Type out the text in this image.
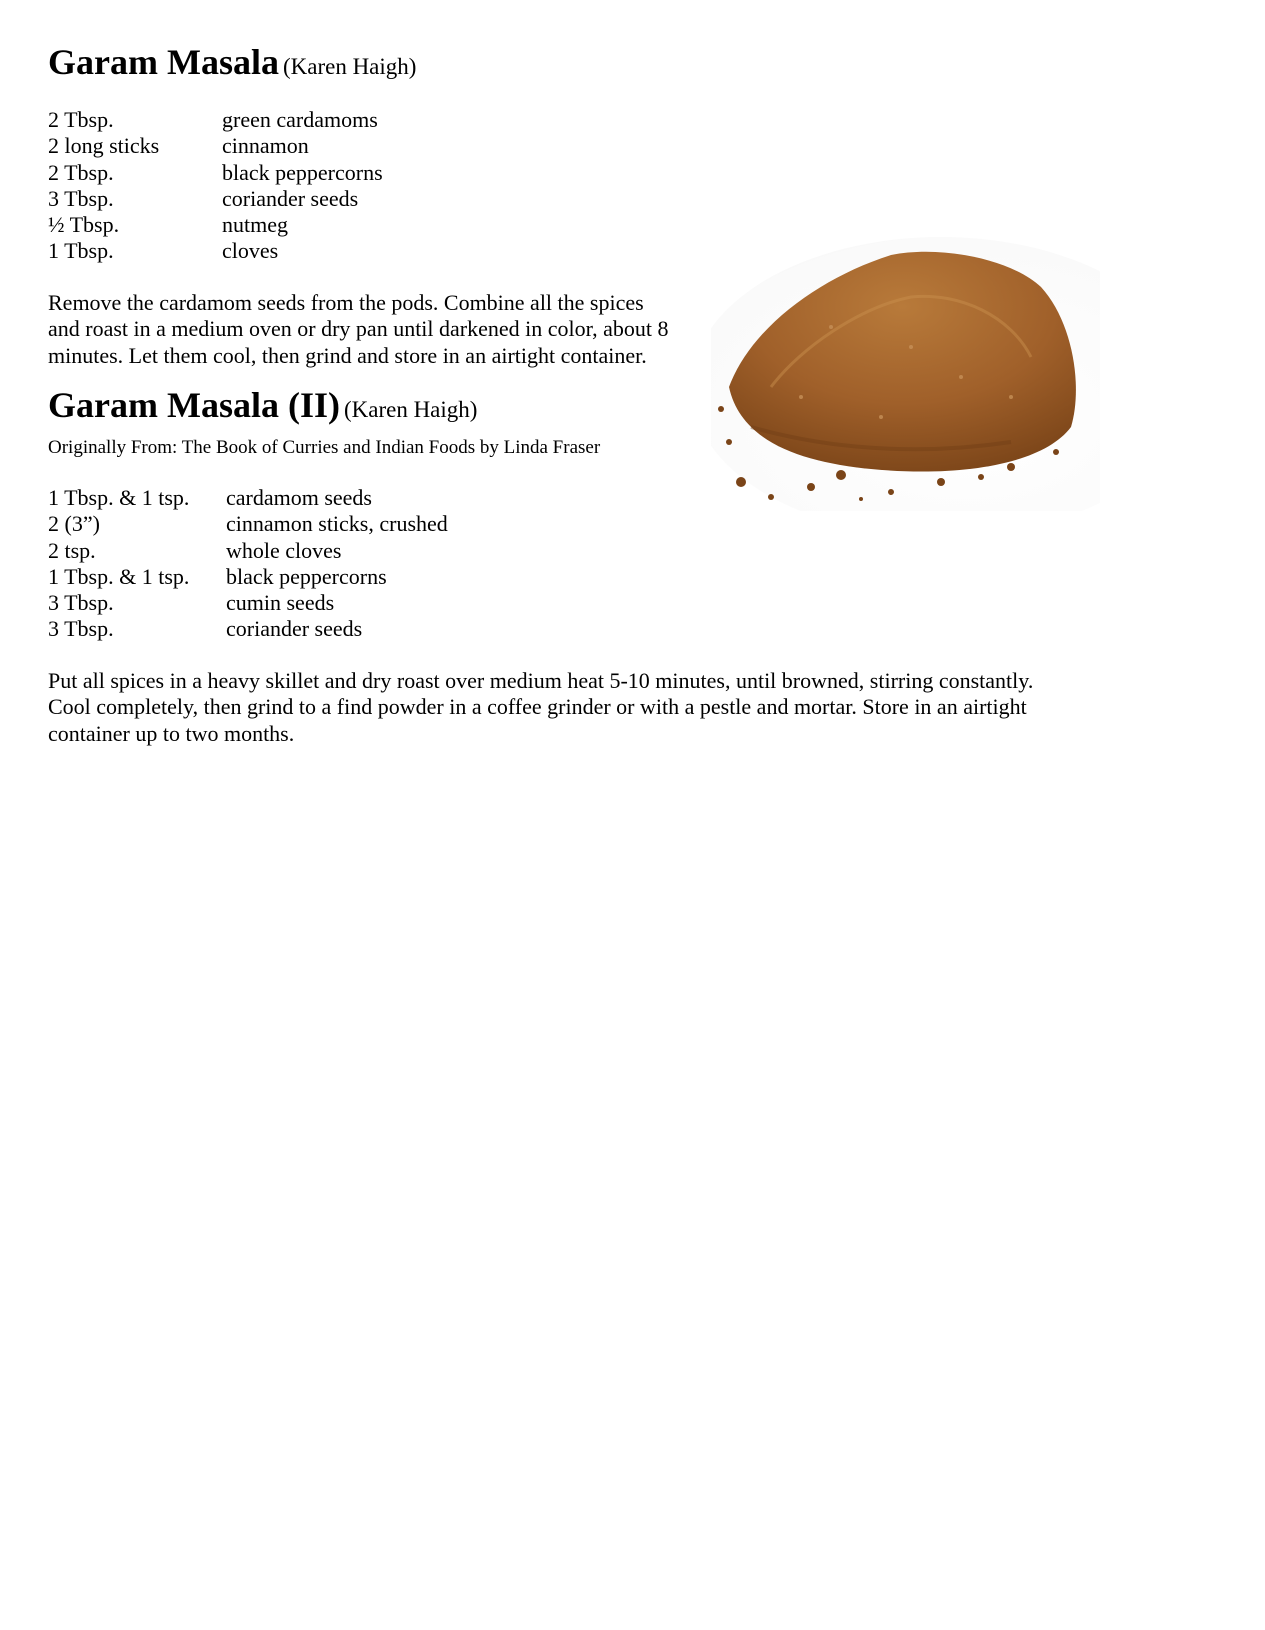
Garam Masala (Karen Haigh)
2 Tbsp.	green cardamoms
2 long sticks	cinnamon
2 Tbsp.	black peppercorns
3 Tbsp.	coriander seeds
½ Tbsp.	nutmeg
1 Tbsp.	cloves
Remove the cardamom seeds from the pods. Combine all the spices
and roast in a medium oven or dry pan until darkened in color, about 8
minutes. Let them cool, then grind and store in an airtight container.
Garam Masala (II) (Karen Haigh)
Originally From: The Book of Curries and Indian Foods by Linda Fraser
1 Tbsp. & 1 tsp.	cardamom seeds
2 (3”)	cinnamon sticks, crushed
2 tsp.	whole cloves
1 Tbsp. & 1 tsp.	black peppercorns
3 Tbsp.	cumin seeds
3 Tbsp.	coriander seeds
Put all spices in a heavy skillet and dry roast over medium heat 5-10 minutes, until browned, stirring constantly.
Cool completely, then grind to a find powder in a coffee grinder or with a pestle and mortar. Store in an airtight
container up to two months.
